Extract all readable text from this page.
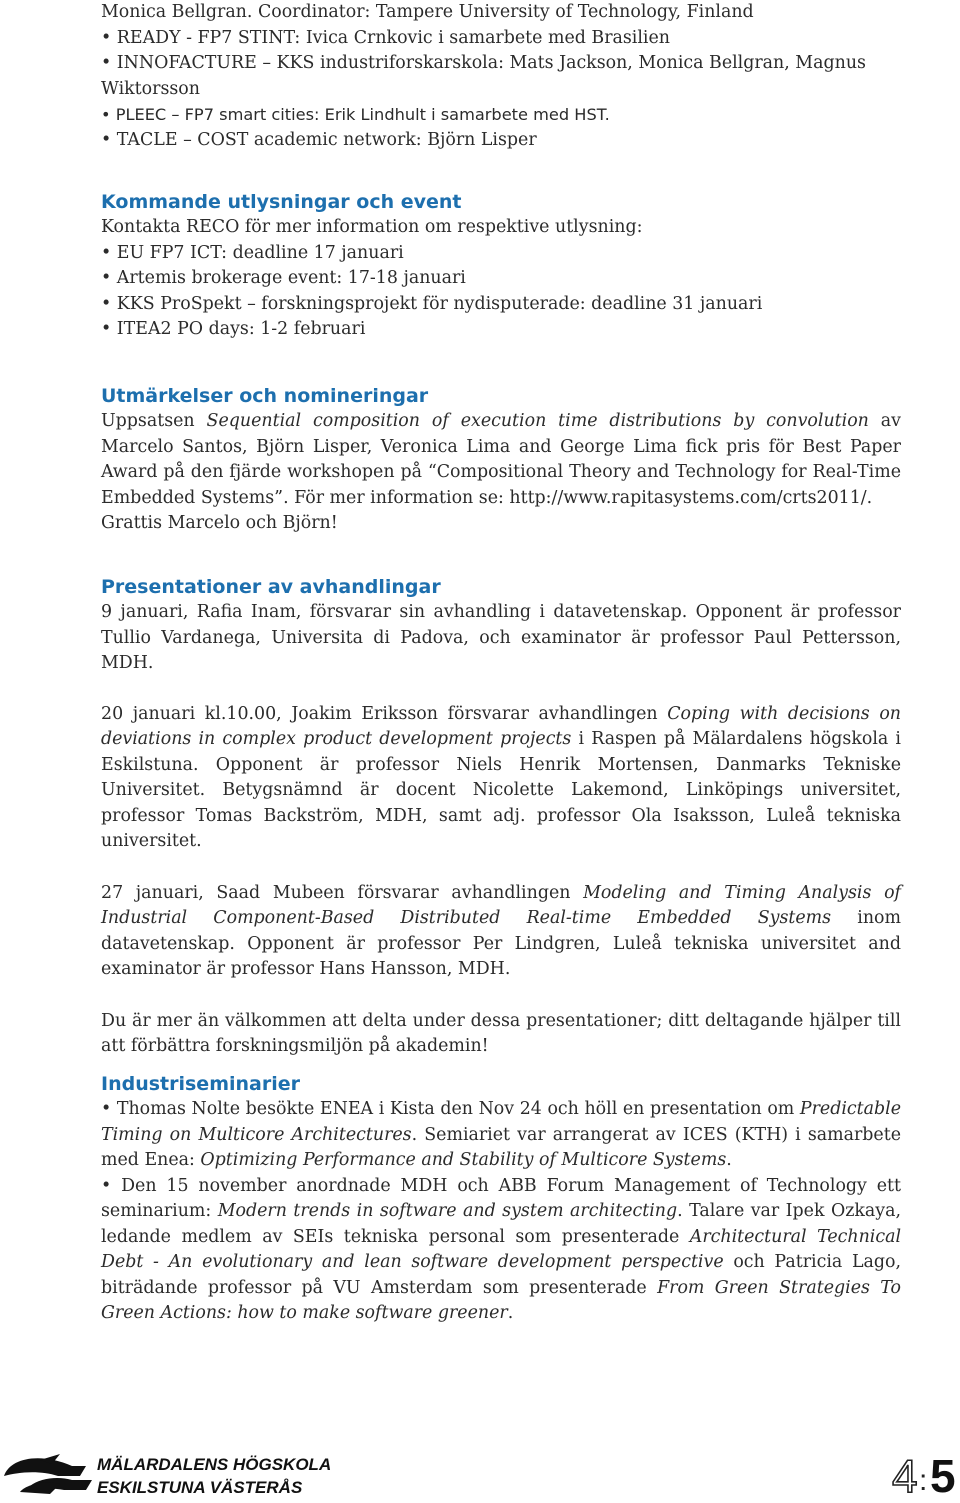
Monica Bellgran. Coordinator: Tampere University of Technology, Finland
• READY - FP7 STINT: Ivica Crnkovic i samarbete med Brasilien
• INNOFACTURE – KKS industriforskarskola: Mats Jackson, Monica Bellgran, Magnus
Wiktorsson
• PLEEC – FP7 smart cities: Erik Lindhult i samarbete med HST.
• TACLE – COST academic network: Björn Lisper
Kommande utlysningar och event
Kontakta RECO för mer information om respektive utlysning:
• EU FP7 ICT: deadline 17 januari
• Artemis brokerage event: 17-18 januari
• KKS ProSpekt – forskningsprojekt för nydisputerade: deadline 31 januari
• ITEA2 PO days: 1-2 februari
Utmärkelser och nomineringar

Uppsatsen Sequential composition of execution time distributions by convolution av Marcelo Santos, Björn Lisper, Veronica Lima and George Lima fick pris för Best Paper Award på den fjärde workshopen på “Compositional Theory and Technology for Real-Time Embedded Systems”. För mer information se: http://www.rapitasystems.com/crts2011/.

Grattis Marcelo och Björn!

Presentationer av avhandlingar

9 januari, Rafia Inam, försvarar sin avhandling i datavetenskap. Opponent är professor Tullio Vardanega, Universita di Padova, och examinator är professor Paul Pettersson, MDH.

20 januari kl.10.00, Joakim Eriksson försvarar avhandlingen Coping with decisions on deviations in complex product development projects i Raspen på Mälardalens högskola i Eskilstuna. Opponent är professor Niels Henrik Mortensen, Danmarks Tekniske Universitet. Betygsnämnd är docent Nicolette Lakemond, Linköpings universitet, professor Tomas Backström, MDH, samt adj. professor Ola Isaksson, Luleå tekniska universitet.

27 januari, Saad Mubeen försvarar avhandlingen Modeling and Timing Analysis of Industrial Component-Based Distributed Real-time Embedded Systems inom datavetenskap. Opponent är professor Per Lindgren, Luleå tekniska universitet and examinator är professor Hans Hansson, MDH.

Du är mer än välkommen att delta under dessa presentationer; ditt deltagande hjälper till att förbättra forskningsmiljön på akademin!

Industriseminarier

• Thomas Nolte besökte ENEA i Kista den Nov 24 och höll en presentation om Predictable Timing on Multicore Architectures. Semiariet var arrangerat av ICES (KTH) i samarbete med Enea: Optimizing Performance and Stability of Multicore Systems.

• Den 15 november anordnade MDH och ABB Forum Management of Technology ett seminarium: Modern trends in software and system architecting. Talare var Ipek Ozkaya, ledande medlem av SEIs tekniska personal som presenterade Architectural Technical Debt - An evolutionary and lean software development perspective och Patricia Lago, biträdande professor på VU Amsterdam som presenterade From Green Strategies To Green Actions: how to make software greener.

MÄLARDALENS HÖGSKOLA
ESKILSTUNA VÄSTERÅS	4 : 5
